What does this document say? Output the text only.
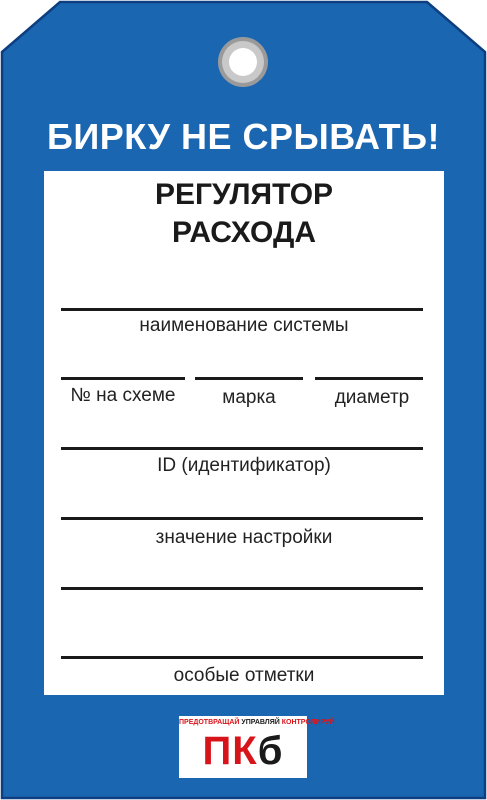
БИРКУ НЕ СРЫВАТЬ!
РЕГУЛЯТОР
РАСХОДА
наименование системы
№ на схеме	марка	диаметр
ID (идентификатор)
значение настройки
особые отметки
ПРЕДОТВРАЩАЙ УПРАВЛЯЙ КОНТРОЛИРУЙ
ПКб
